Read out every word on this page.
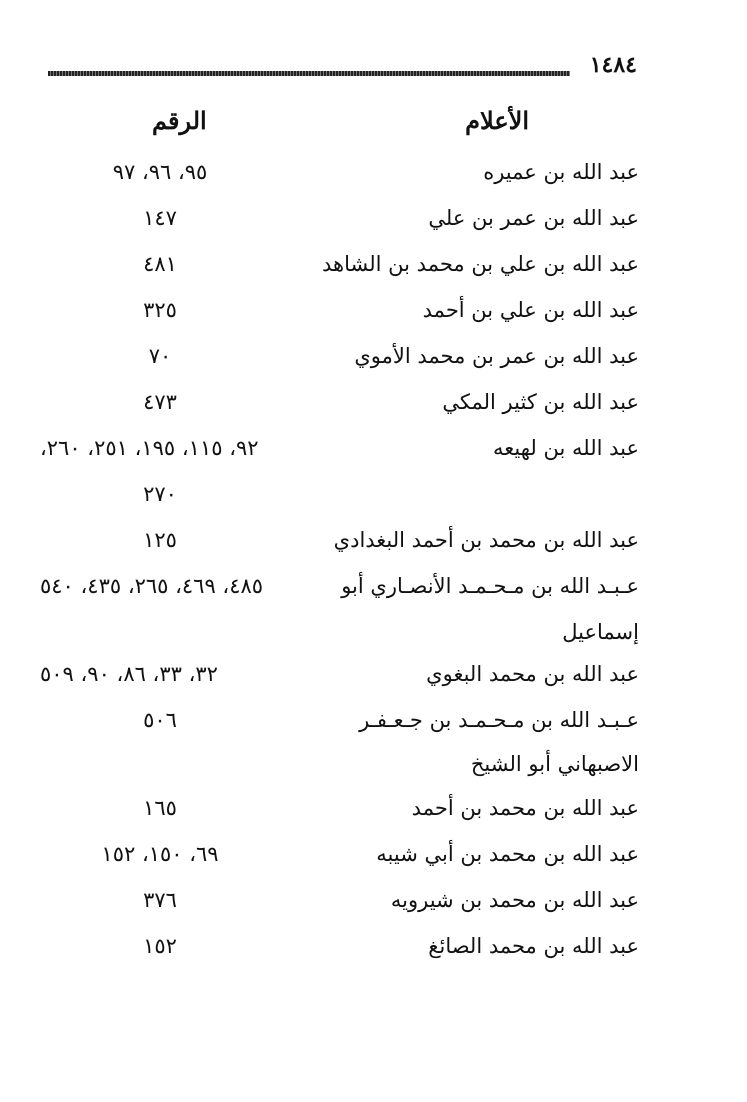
١٤٨٤
الأعلام
الرقم
عبد الله بن عميره
٩٥، ٩٦، ٩٧
عبد الله بن عمر بن علي
١٤٧
عبد الله بن علي بن محمد بن الشاهد
٤٨١
عبد الله بن علي بن أحمد
٣٢٥
عبد الله بن عمر بن محمد الأموي
٧٠
عبد الله بن كثير المكي
٤٧٣
عبد الله بن لهيعه
٩٢، ١١٥، ١٩٥، ٢٥١، ٢٦٠،
٢٧٠
عبد الله بن محمد بن أحمد البغدادي
١٢٥
عـبـد الله بن مـحـمـد الأنصـاري أبو
٤٨٥، ٤٦٩، ٢٦٥، ٤٣٥، ٥٤٠
إسماعيل
عبد الله بن محمد البغوي
٣٢، ٣٣، ٨٦، ٩٠، ٥٠٩
عـبـد الله بن مـحـمـد بن جـعـفـر
٥٠٦
الاصبهاني أبو الشيخ
عبد الله بن محمد بن أحمد
١٦٥
عبد الله بن محمد بن أبي شيبه
٦٩، ١٥٠، ١٥٢
عبد الله بن محمد بن شيرويه
٣٧٦
عبد الله بن محمد الصائغ
١٥٢
